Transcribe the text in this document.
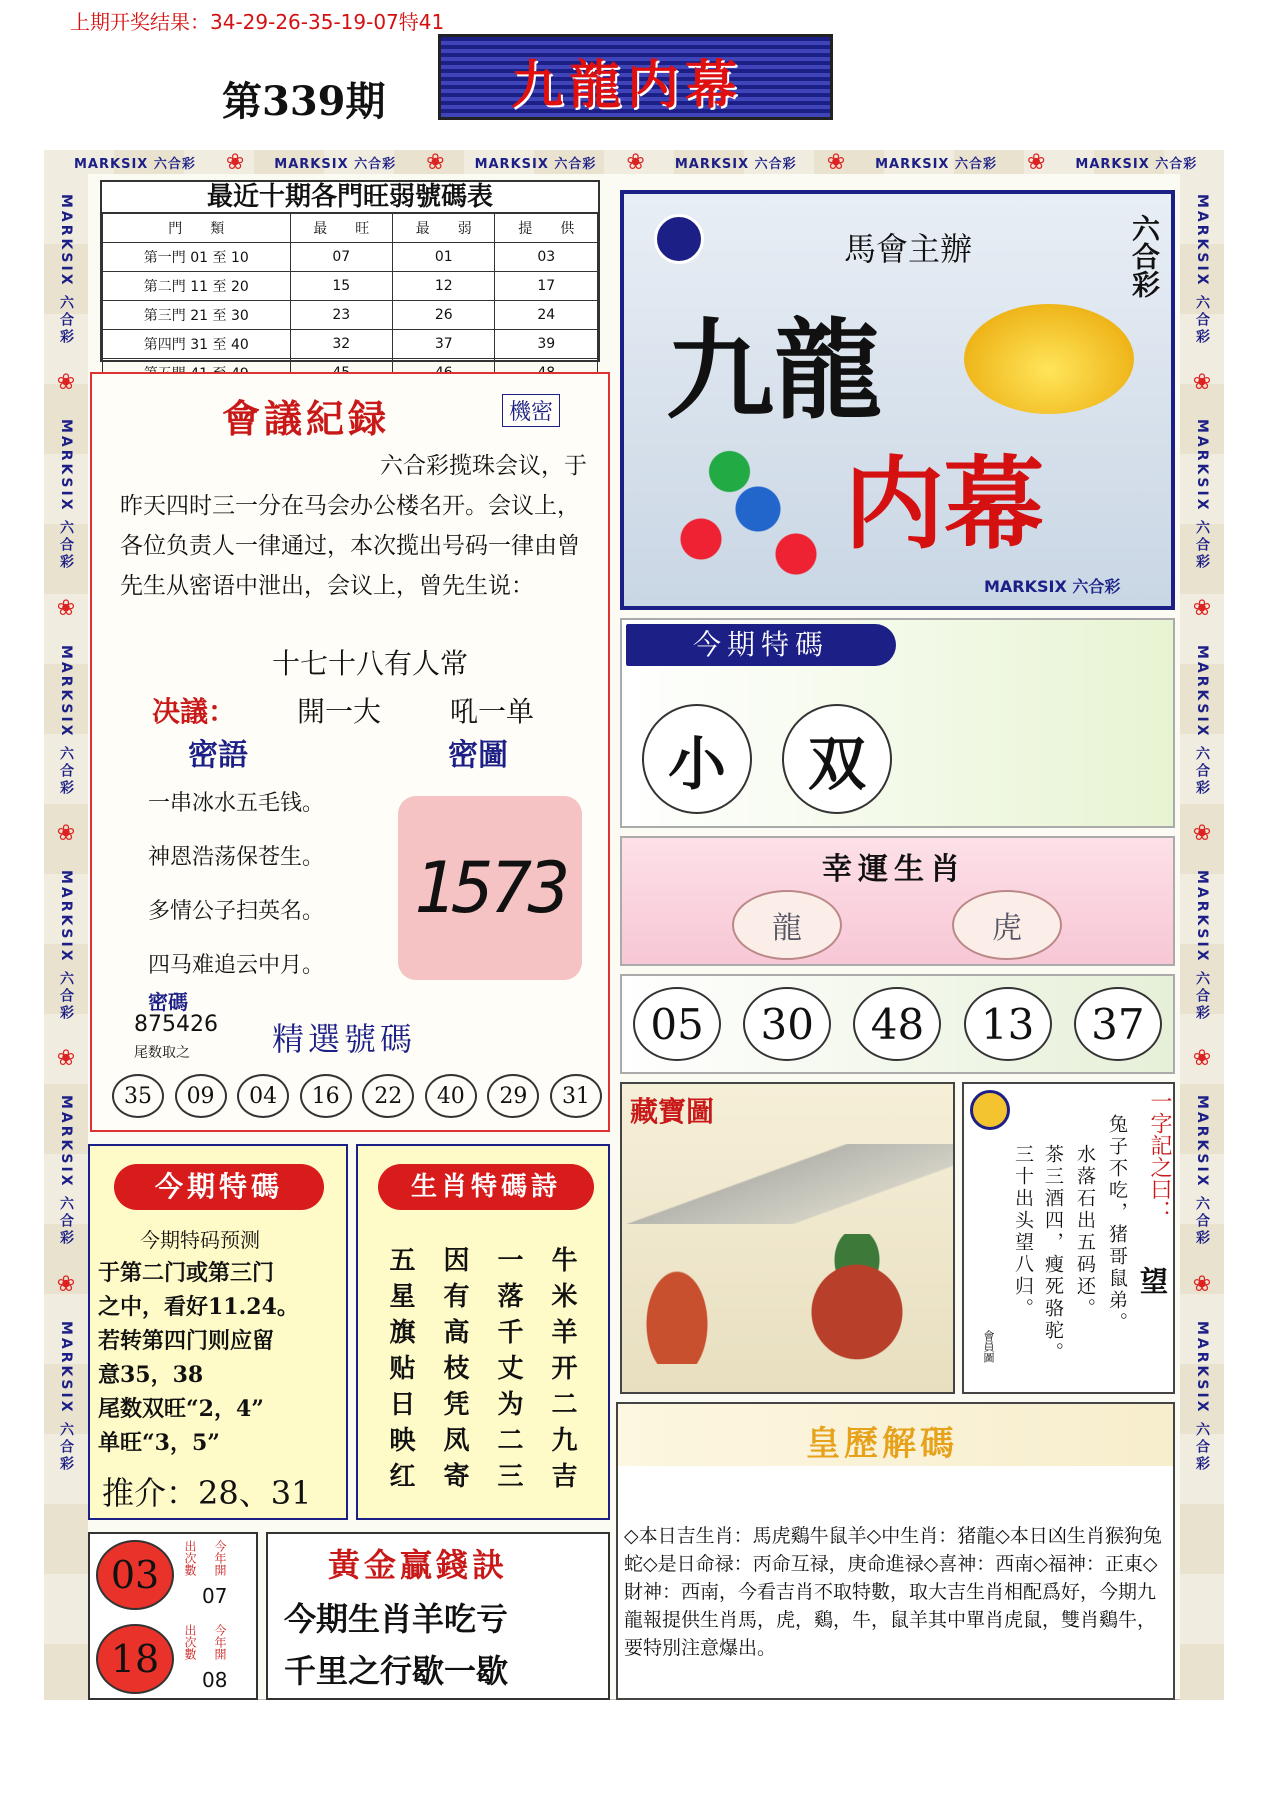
上期开奖结果：34-29-26-35-19-07特41
第339期 九龍内幕
MARKSIX 六合彩 ❀ MARKSIX 六合彩 ❀ MARKSIX 六合彩 ❀ MARKSIX 六合彩 ❀ MARKSIX 六合彩 ❀ MARKSIX 六合彩
MARKSIX 六合彩
❀
MARKSIX 六合彩
❀
MARKSIX 六合彩
❀
MARKSIX 六合彩
❀
MARKSIX 六合彩
❀
MARKSIX 六合彩
MARKSIX 六合彩
❀
MARKSIX 六合彩
❀
MARKSIX 六合彩
❀
MARKSIX 六合彩
❀
MARKSIX 六合彩
❀
MARKSIX 六合彩
最近十期各門旺弱號碼表
門　　類	最　　旺	最　　弱	提　　供
第一門 01 至 10	07	01	03
第二門 11 至 20	15	12	17
第三門 21 至 30	23	26	24
第四門 31 至 40	32	37	39

會議紀録	機密
六合彩揽珠会议，于昨天四时三一分在马会办公楼名开。会议上，各位负责人一律通过，本次揽出号码一律由曾先生从密语中泄出，会议上，曾先生说：
十七十八有人常
决議： 開一大 吼一单
密語	密圖
一串冰水五毛钱。
神恩浩荡保苍生。
多情公子扫英名。
四马难追云中月。
1573
密碼
875426
尾数取之	精選號碼
35	09	04	16	22	40	29	31
馬會主辦	六合彩
九龍
内幕
MARKSIX 六合彩
今期特碼
小	双
幸運生肖
龍	虎
05	30	48	13	37
藏寶圖
會員圖
一字記之曰：
望
兔子不吃，猪哥鼠弟。
水落石出五码还。
茶三酒四，瘦死骆驼。
三十出头望八归。
今期特碼
今期特码预测
于第二门或第三门
之中，看好11.24。
若转第四门则应留
意35，38
尾数双旺“2，4”
单旺“3，5”
推介：28、31
生肖特碼詩
牛米羊开二九吉
一落千丈为二三
因有高枝凭凤寄
五星旗贴日映红
03	出次數 今年開
07
18	出次數 今年開
08
黃金贏錢訣
今期生肖羊吃亏
千里之行歇一歇
皇歷解碼
◇本日吉生肖：馬虎鷄牛鼠羊◇中生肖：猪龍◇本日凶生肖猴狗兔蛇◇是日命禄：丙命互禄，庚命進禄◇喜神：西南◇福神：正東◇財神：西南，今看吉肖不取特數，取大吉生肖相配爲好，今期九龍報提供生肖馬，虎，鷄，牛，鼠羊其中單肖虎鼠，雙肖鷄牛，要特別注意爆出。
